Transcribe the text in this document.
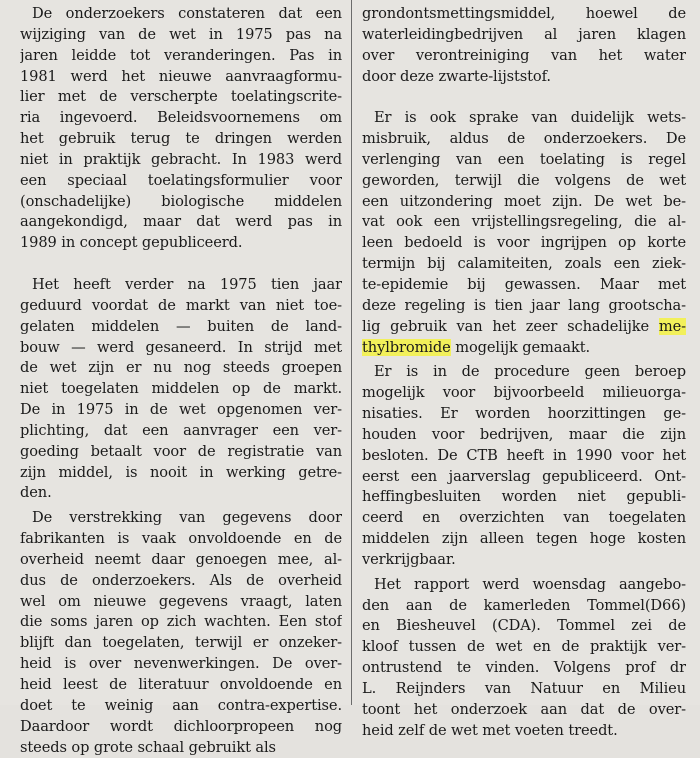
De onderzoekers constateren dat een
wijziging van de wet in 1975 pas na
jaren leidde tot veranderingen. Pas in
1981 werd het nieuwe aanvraagformu-
lier met de verscherpte toelatingscrite-
ria ingevoerd. Beleidsvoornemens om
het gebruik terug te dringen werden
niet in praktijk gebracht. In 1983 werd
een speciaal toelatingsformulier voor
(onschadelijke) biologische middelen
aangekondigd, maar dat werd pas in
1989 in concept gepubliceerd.
Het heeft verder na 1975 tien jaar
geduurd voordat de markt van niet toe-
gelaten middelen — buiten de land-
bouw — werd gesaneerd. In strijd met
de wet zijn er nu nog steeds groepen
niet toegelaten middelen op de markt.
De in 1975 in de wet opgenomen ver-
plichting, dat een aanvrager een ver-
goeding betaalt voor de registratie van
zijn middel, is nooit in werking getre-
den.
De verstrekking van gegevens door
fabrikanten is vaak onvoldoende en de
overheid neemt daar genoegen mee, al-
dus de onderzoekers. Als de overheid
wel om nieuwe gegevens vraagt, laten
die soms jaren op zich wachten. Een stof
blijft dan toegelaten, terwijl er onzeker-
heid is over nevenwerkingen. De over-
heid leest de literatuur onvoldoende en
doet te weinig aan contra-expertise.
Daardoor wordt dichloorpropeen nog
steeds op grote schaal gebruikt als
grondontsmettingsmiddel, hoewel de
waterleidingbedrijven al jaren klagen
over verontreiniging van het water
door deze zwarte-lijststof.
Er is ook sprake van duidelijk wets-
misbruik, aldus de onderzoekers. De
verlenging van een toelating is regel
geworden, terwijl die volgens de wet
een uitzondering moet zijn. De wet be-
vat ook een vrijstellingsregeling, die al-
leen bedoeld is voor ingrijpen op korte
termijn bij calamiteiten, zoals een ziek-
te-epidemie bij gewassen. Maar met
deze regeling is tien jaar lang grootscha-
lig gebruik van het zeer schadelijke me-
thylbromide mogelijk gemaakt.
Er is in de procedure geen beroep
mogelijk voor bijvoorbeeld milieuorga-
nisaties. Er worden hoorzittingen ge-
houden voor bedrijven, maar die zijn
besloten. De CTB heeft in 1990 voor het
eerst een jaarverslag gepubliceerd. Ont-
heffingbesluiten worden niet gepubli-
ceerd en overzichten van toegelaten
middelen zijn alleen tegen hoge kosten
verkrijgbaar.
Het rapport werd woensdag aangebo-
den aan de kamerleden Tommel(D66)
en Biesheuvel (CDA). Tommel zei de
kloof tussen de wet en de praktijk ver-
ontrustend te vinden. Volgens prof dr
L. Reijnders van Natuur en Milieu
toont het onderzoek aan dat de over-
heid zelf de wet met voeten treedt.
